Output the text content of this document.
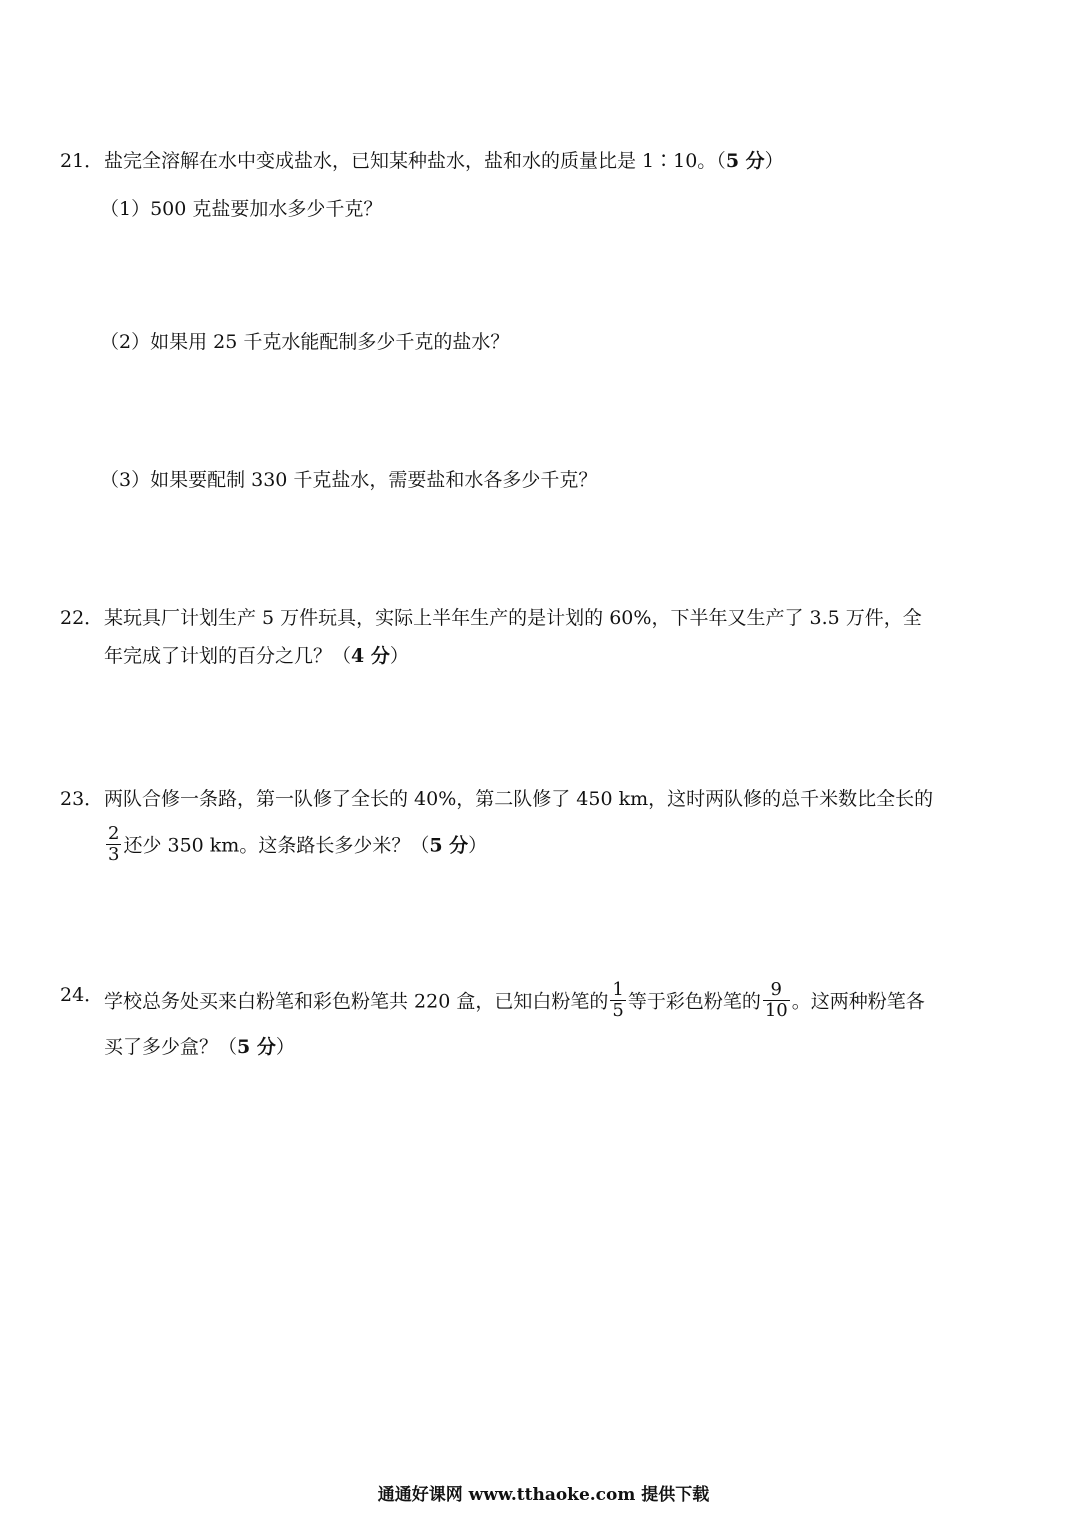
21． 盐完全溶解在水中变成盐水，已知某种盐水，盐和水的质量比是 1∶10。（5 分）
（1）500 克盐要加水多少千克？
（2）如果用 25 千克水能配制多少千克的盐水？
（3）如果要配制 330 千克盐水，需要盐和水各多少千克？
22． 某玩具厂计划生产 5 万件玩具，实际上半年生产的是计划的 60%，下半年又生产了 3.5 万件，全
年完成了计划的百分之几？（4 分）
23． 两队合修一条路，第一队修了全长的 40%，第二队修了 450 km，这时两队修的总千米数比全长的
$\frac{2}{3}$ 还少 350 km。这条路长多少米？（5 分）
24． 学校总务处买来白粉笔和彩色粉笔共 220 盒，已知白粉笔的 $\frac{1}{5}$ 等于彩色粉笔的 $\frac{9}{10}$ 。这两种粉笔各
买了多少盒？（5 分）
通通好课网 www.tthaoke.com 提供下载
